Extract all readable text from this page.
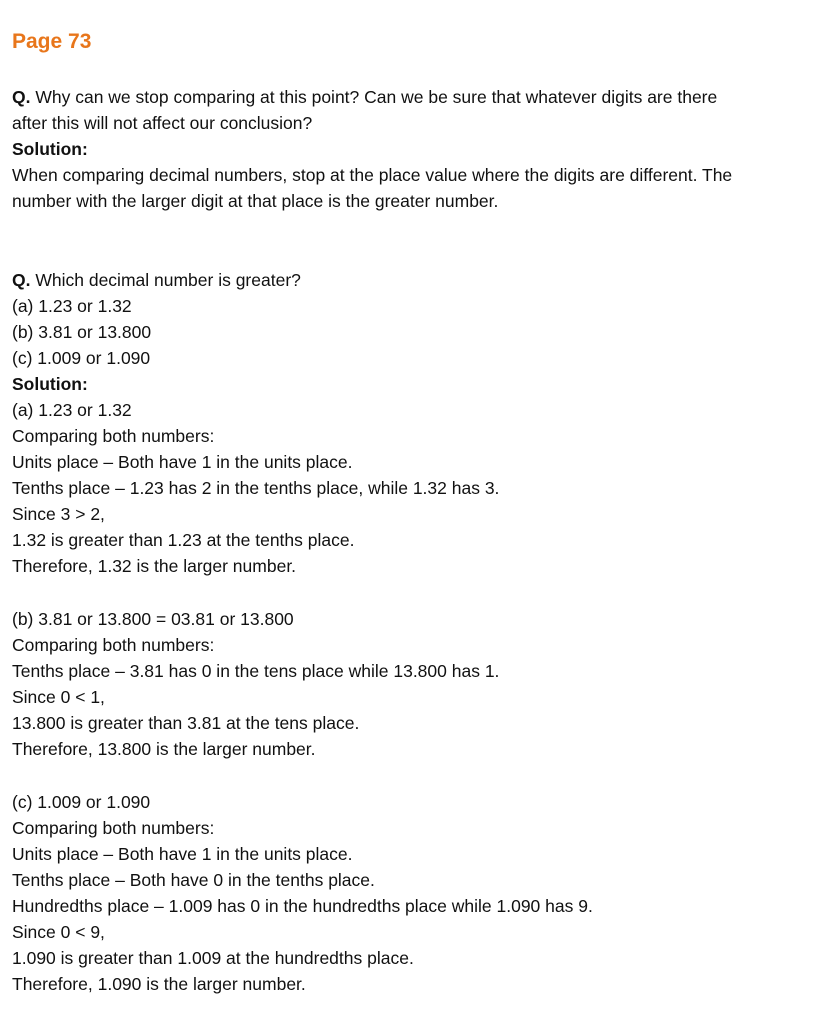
Page 73
Q. Why can we stop comparing at this point? Can we be sure that whatever digits are there
after this will not affect our conclusion?
Solution:
When comparing decimal numbers, stop at the place value where the digits are different. The
number with the larger digit at that place is the greater number.
Q. Which decimal number is greater?
(a) 1.23 or 1.32
(b) 3.81 or 13.800
(c) 1.009 or 1.090
Solution:
(a) 1.23 or 1.32
Comparing both numbers:
Units place – Both have 1 in the units place.
Tenths place – 1.23 has 2 in the tenths place, while 1.32 has 3.
Since 3 > 2,
1.32 is greater than 1.23 at the tenths place.
Therefore, 1.32 is the larger number.
(b) 3.81 or 13.800 = 03.81 or 13.800
Comparing both numbers:
Tenths place – 3.81 has 0 in the tens place while 13.800 has 1.
Since 0 < 1,
13.800 is greater than 3.81 at the tens place.
Therefore, 13.800 is the larger number.
(c) 1.009 or 1.090
Comparing both numbers:
Units place – Both have 1 in the units place.
Tenths place – Both have 0 in the tenths place.
Hundredths place – 1.009 has 0 in the hundredths place while 1.090 has 9.
Since 0 < 9,
1.090 is greater than 1.009 at the hundredths place.
Therefore, 1.090 is the larger number.
